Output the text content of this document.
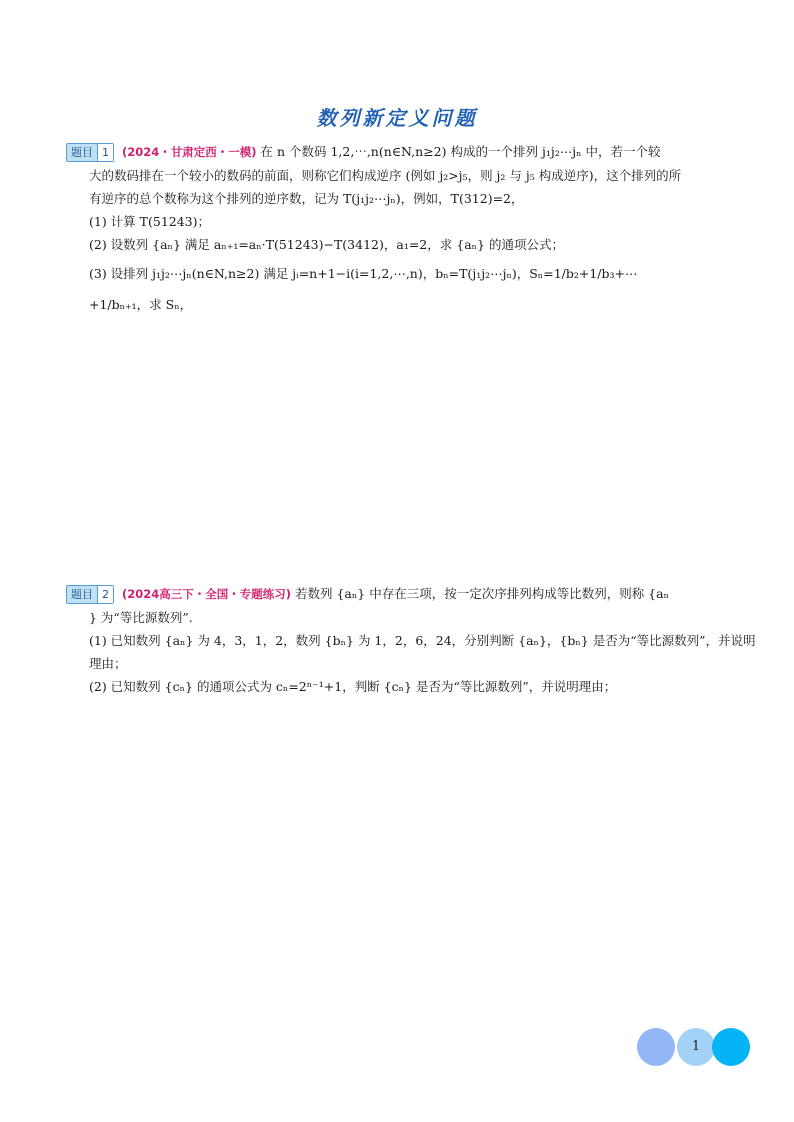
数列新定义问题
题目 1 (2024・甘肃定西・一模) 在 n 个数码 1,2,⋯,n(n∈N,n≥2) 构成的一个排列 j₁j₂⋯jₙ 中，若一个较
大的数码排在一个较小的数码的前面，则称它们构成逆序 (例如 j₂>j₅，则 j₂ 与 j₅ 构成逆序)，这个排列的所
有逆序的总个数称为这个排列的逆序数，记为 T(j₁j₂⋯jₙ)，例如，T(312)=2，
(1) 计算 T(51243)；
(2) 设数列 {aₙ} 满足 aₙ₊₁=aₙ·T(51243)−T(3412)，a₁=2，求 {aₙ} 的通项公式；
(3) 设排列 j₁j₂⋯jₙ(n∈N,n≥2) 满足 jᵢ=n+1−i(i=1,2,⋯,n)，bₙ=T(j₁j₂⋯jₙ)，Sₙ=1/b₂+1/b₃+⋯
+1/bₙ₊₁，求 Sₙ，
题目 2 (2024高三下・全国・专题练习) 若数列 {aₙ} 中存在三项，按一定次序排列构成等比数列，则称 {aₙ
} 为“等比源数列”.
(1) 已知数列 {aₙ} 为 4，3，1，2，数列 {bₙ} 为 1，2，6，24，分别判断 {aₙ}，{bₙ} 是否为“等比源数列”，并说明
理由；
(2) 已知数列 {cₙ} 的通项公式为 cₙ=2ⁿ⁻¹+1，判断 {cₙ} 是否为“等比源数列”，并说明理由；
1
